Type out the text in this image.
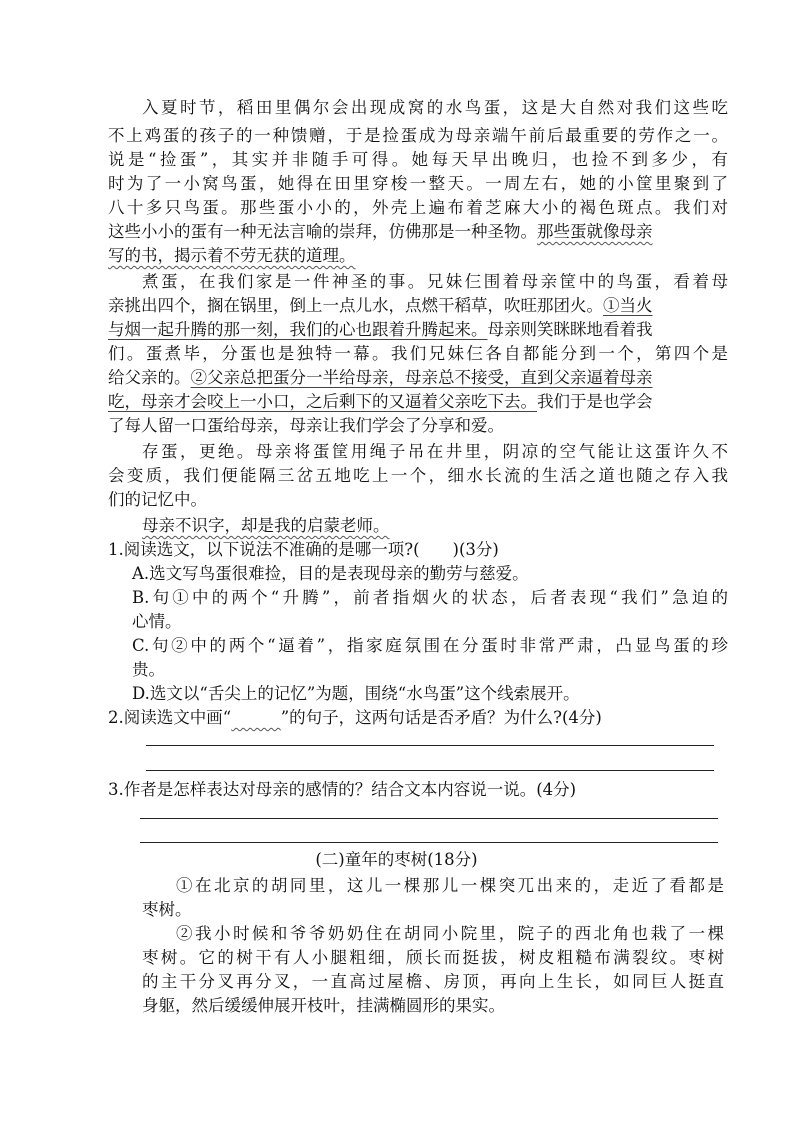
入夏时节，稻田里偶尔会出现成窝的水鸟蛋，这是大自然对我们这些吃
不上鸡蛋的孩子的一种馈赠，于是捡蛋成为母亲端午前后最重要的劳作之一。
说是“捡蛋”，其实并非随手可得。她每天早出晚归，也捡不到多少，有
时为了一小窝鸟蛋，她得在田里穿梭一整天。一周左右，她的小筐里聚到了
八十多只鸟蛋。那些蛋小小的，外壳上遍布着芝麻大小的褐色斑点。我们对
这些小小的蛋有一种无法言喻的崇拜，仿佛那是一种圣物。那些蛋就像母亲
写的书，揭示着不劳无获的道理。
煮蛋，在我们家是一件神圣的事。兄妹仨围着母亲筐中的鸟蛋，看着母
亲挑出四个，搁在锅里，倒上一点儿水，点燃干稻草，吹旺那团火。①当火
与烟一起升腾的那一刻，我们的心也跟着升腾起来。母亲则笑眯眯地看着我
们。蛋煮毕，分蛋也是独特一幕。我们兄妹仨各自都能分到一个，第四个是
给父亲的。②父亲总把蛋分一半给母亲，母亲总不接受，直到父亲逼着母亲
吃，母亲才会咬上一小口，之后剩下的又逼着父亲吃下去。我们于是也学会
了每人留一口蛋给母亲，母亲让我们学会了分享和爱。
存蛋，更绝。母亲将蛋筐用绳子吊在井里，阴凉的空气能让这蛋许久不
会变质，我们便能隔三岔五地吃上一个，细水长流的生活之道也随之存入我
们的记忆中。
母亲不识字，却是我的启蒙老师。
1.阅读选文，以下说法不准确的是哪一项?(　　)(3分)
A.选文写鸟蛋很难捡，目的是表现母亲的勤劳与慈爱。
B.句①中的两个“升腾”，前者指烟火的状态，后者表现“我们”急迫的
心情。
C.句②中的两个“逼着”，指家庭氛围在分蛋时非常严肃，凸显鸟蛋的珍
贵。
D.选文以“舌尖上的记忆”为题，围绕“水鸟蛋”这个线索展开。
2.阅读选文中画“	”的句子，这两句话是否矛盾？为什么?(4分)
3.作者是怎样表达对母亲的感情的？结合文本内容说一说。(4分)
(二)童年的枣树(18分)
①在北京的胡同里，这儿一棵那儿一棵突兀出来的，走近了看都是
枣树。
②我小时候和爷爷奶奶住在胡同小院里，院子的西北角也栽了一棵
枣树。它的树干有人小腿粗细，颀长而挺拔，树皮粗糙布满裂纹。枣树
的主干分叉再分叉，一直高过屋檐、房顶，再向上生长，如同巨人挺直
身躯，然后缓缓伸展开枝叶，挂满椭圆形的果实。
